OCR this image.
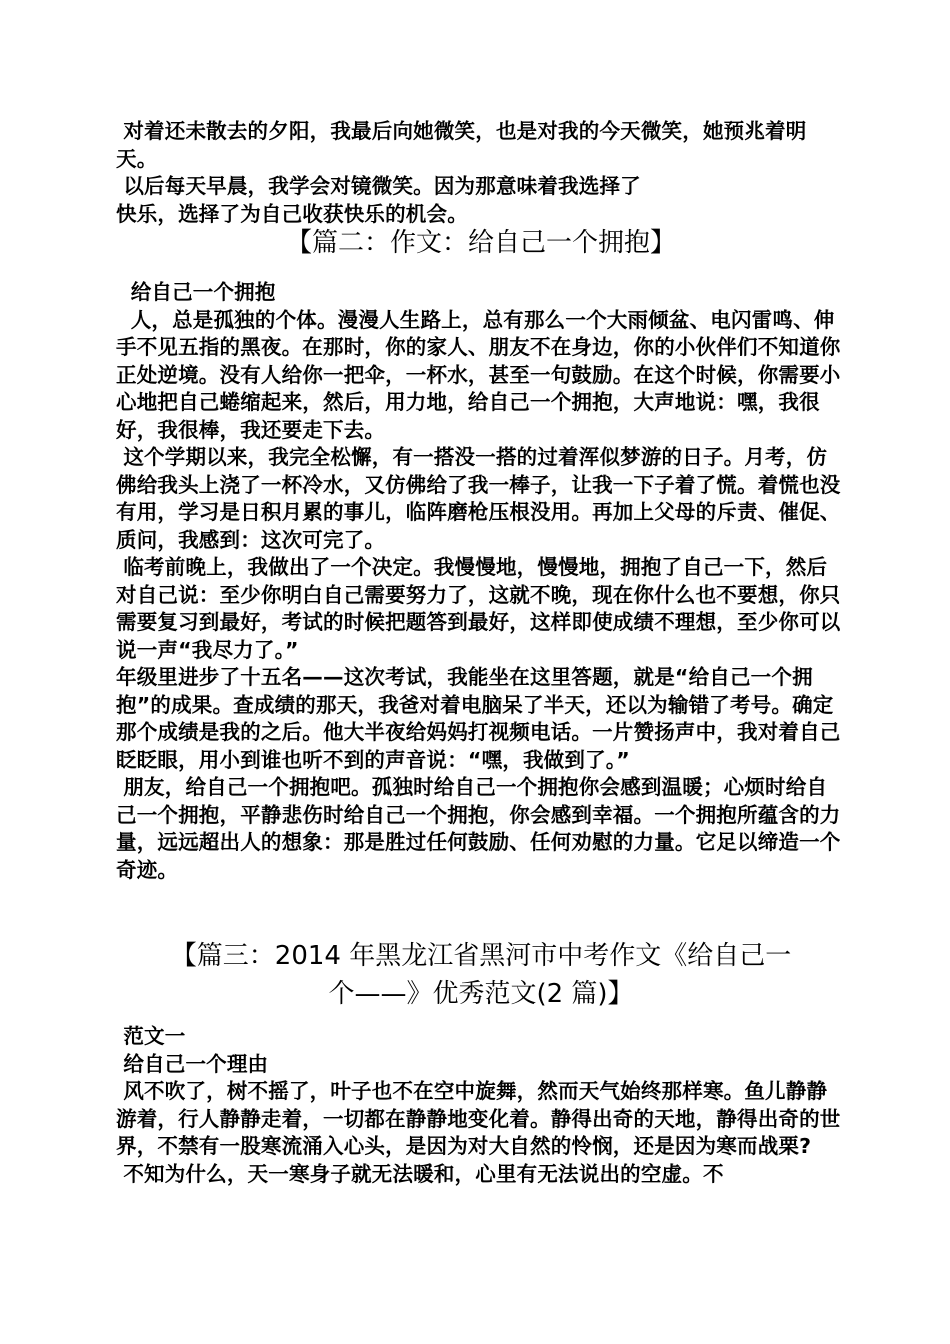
对着还未散去的夕阳，我最后向她微笑，也是对我的今天微笑，她预兆着明天。

以后每天早晨，我学会对镜微笑。因为那意味着我选择了
快乐，选择了为自己收获快乐的机会。

【篇二：作文：给自己一个拥抱】

给自己一个拥抱

人，总是孤独的个体。漫漫人生路上，总有那么一个大雨倾盆、电闪雷鸣、伸手不见五指的黑夜。在那时，你的家人、朋友不在身边，你的小伙伴们不知道你正处逆境。没有人给你一把伞，一杯水，甚至一句鼓励。在这个时候，你需要小心地把自己蜷缩起来，然后，用力地，给自己一个拥抱，大声地说：嘿，我很好，我很棒，我还要走下去。

这个学期以来，我完全松懈，有一搭没一搭的过着浑似梦游的日子。月考，仿佛给我头上浇了一杯冷水，又仿佛给了我一棒子，让我一下子着了慌。着慌也没有用，学习是日积月累的事儿，临阵磨枪压根没用。再加上父母的斥责、催促、质问，我感到：这次可完了。

临考前晚上，我做出了一个决定。我慢慢地，慢慢地，拥抱了自己一下，然后对自己说：至少你明白自己需要努力了，这就不晚，现在你什么也不要想，你只需要复习到最好，考试的时候把题答到最好，这样即使成绩不理想，至少你可以说一声“我尽力了。”

年级里进步了十五名——这次考试，我能坐在这里答题，就是“给自己一个拥抱”的成果。查成绩的那天，我爸对着电脑呆了半天，还以为输错了考号。确定那个成绩是我的之后。他大半夜给妈妈打视频电话。一片赞扬声中，我对着自己眨眨眼，用小到谁也听不到的声音说：“嘿，我做到了。”

朋友，给自己一个拥抱吧。孤独时给自己一个拥抱你会感到温暖；心烦时给自己一个拥抱，平静悲伤时给自己一个拥抱，你会感到幸福。一个拥抱所蕴含的力量，远远超出人的想象：那是胜过任何鼓励、任何劝慰的力量。它足以缔造一个奇迹。

【篇三：2014 年黑龙江省黑河市中考作文《给自己一

个——》优秀范文(2 篇)】

范文一

给自己一个理由

风不吹了，树不摇了，叶子也不在空中旋舞，然而天气始终那样寒。鱼儿静静游着，行人静静走着，一切都在静静地变化着。静得出奇的天地，静得出奇的世界，不禁有一股寒流涌入心头，是因为对大自然的怜悯，还是因为寒而战栗?

不知为什么，天一寒身子就无法暖和，心里有无法说出的空虚。不
